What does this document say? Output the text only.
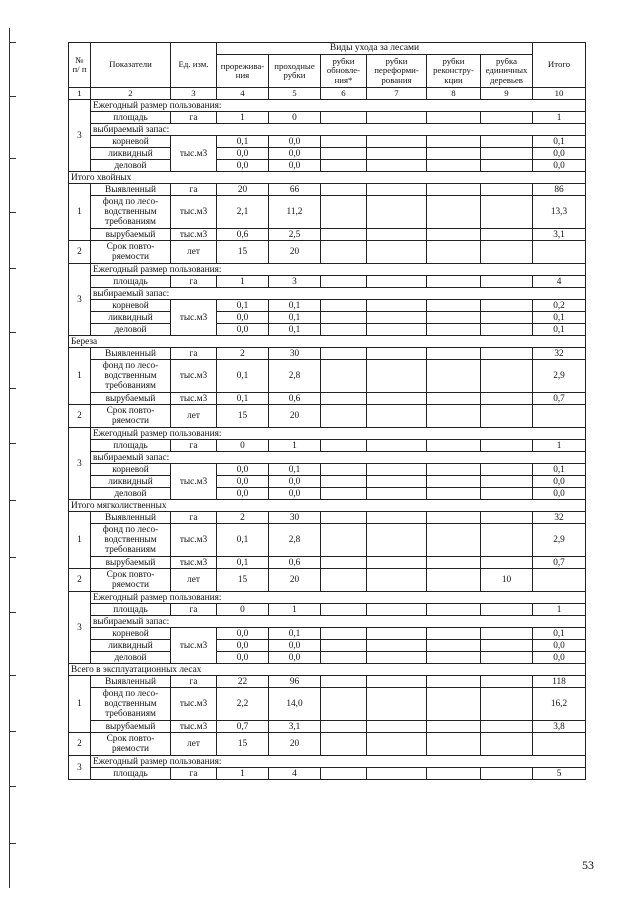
№ п/ п	Показатели	Ед. изм.	Виды ухода за лесами						Итого
			прорежива-ния	проходные рубки	рубки обновле-ния*	рубки переформи-рования	рубки реконстру-кции	рубка единичных деревьев	
1	2	3	4	5	6	7	8	9	10
3	Ежегодный размер пользования:								
	площадь	га	1	0					1
	выбираемый запас:								
	корневой	тыс.м3	0,1	0,0					0,1
	ликвидный		0,0	0,0					0,0
	деловой		0,0	0,0					0,0
Итого хвойных									
1	Выявленный	га	20	66					86
	фонд по лесо-водственным требованиям	тыс.м3	2,1	11,2					13,3
	вырубаемый	тыс.м3	0,6	2,5					3,1
2	Срок повто-ряемости	лет	15	20					
3	Ежегодный размер пользования:								
	площадь	га	1	3					4
	выбираемый запас:								
	корневой	тыс.м3	0,1	0,1					0,2
	ликвидный		0,0	0,1					0,1
	деловой		0,0	0,1					0,1
Береза									
1	Выявленный	га	2	30					32
	фонд по лесо-водственным требованиям	тыс.м3	0,1	2,8					2,9
	вырубаемый	тыс.м3	0,1	0,6					0,7
2	Срок повто-ряемости	лет	15	20					
3	Ежегодный размер пользования:								
	площадь	га	0	1					1
	выбираемый запас:								
	корневой	тыс.м3	0,0	0,1					0,1
	ликвидный		0,0	0,0					0,0
	деловой		0,0	0,0					0,0
Итого мягколиственных									
1	Выявленный	га	2	30					32
	фонд по лесо-водственным требованиям	тыс.м3	0,1	2,8					2,9
	вырубаемый	тыс.м3	0,1	0,6					0,7
2	Срок повто-ряемости	лет	15	20				10	
3	Ежегодный размер пользования:								
	площадь	га	0	1					1
	выбираемый запас:								
	корневой	тыс.м3	0,0	0,1					0,1
	ликвидный		0,0	0,0					0,0
	деловой		0,0	0,0					0,0
Всего в эксплуатационных лесах									
1	Выявленный	га	22	96					118
	фонд по лесо-водственным требованиям	тыс.м3	2,2	14,0					16,2
	вырубаемый	тыс.м3	0,7	3,1					3,8
2	Срок повто-ряемости	лет	15	20					
3	Ежегодный размер пользования:								
	площадь	га	1	4					5
53
